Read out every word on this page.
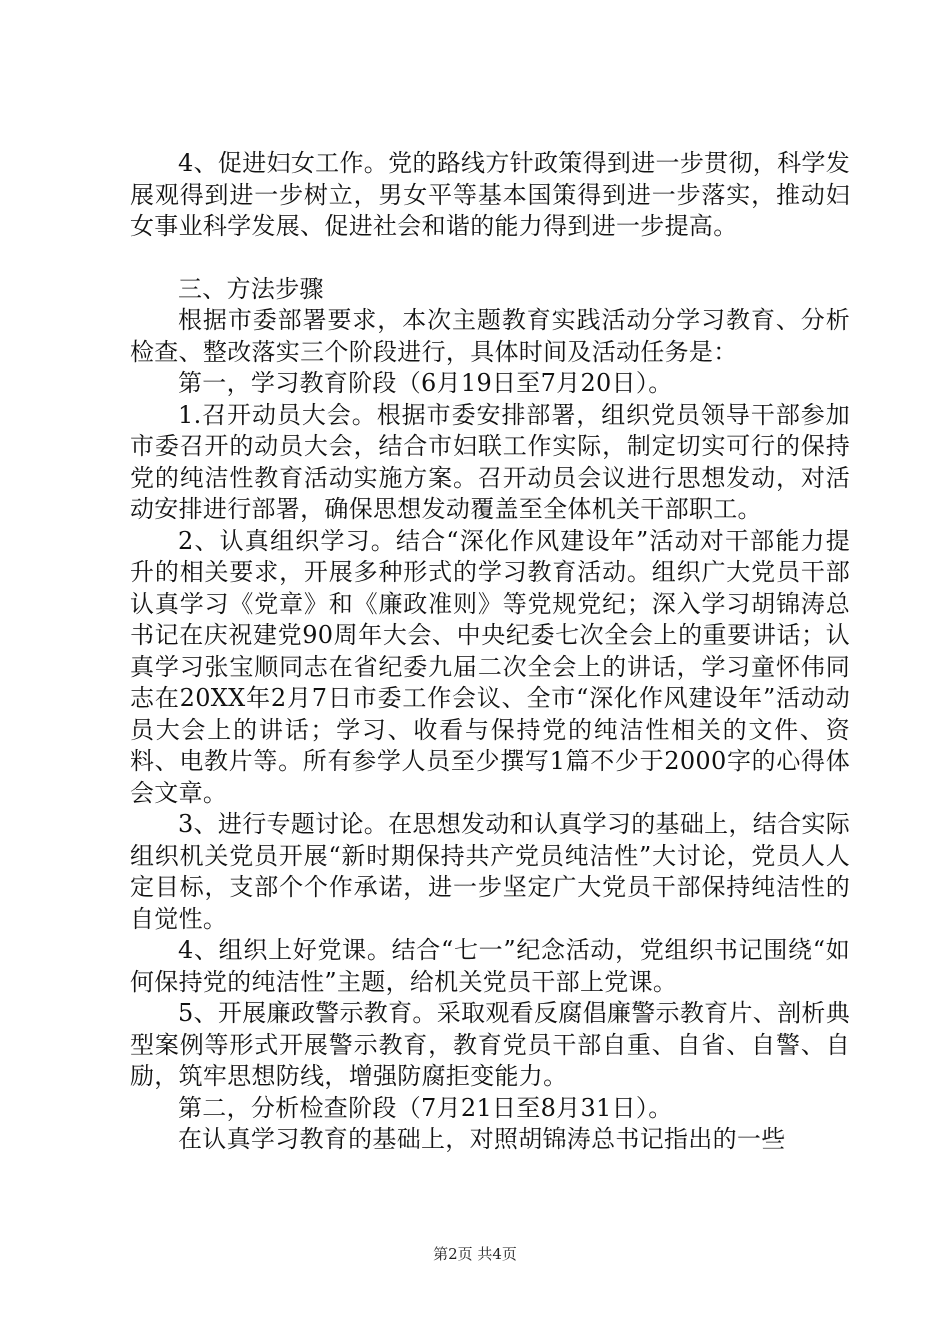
4、促进妇女工作。党的路线方针政策得到进一步贯彻，科学发展观得到进一步树立，男女平等基本国策得到进一步落实，推动妇女事业科学发展、促进社会和谐的能力得到进一步提高。

三、方法步骤

根据市委部署要求，本次主题教育实践活动分学习教育、分析检查、整改落实三个阶段进行，具体时间及活动任务是：

第一，学习教育阶段（6月19日至7月20日）。

1.召开动员大会。根据市委安排部署，组织党员领导干部参加市委召开的动员大会，结合市妇联工作实际，制定切实可行的保持党的纯洁性教育活动实施方案。召开动员会议进行思想发动，对活动安排进行部署，确保思想发动覆盖至全体机关干部职工。

2、认真组织学习。结合“深化作风建设年”活动对干部能力提升的相关要求，开展多种形式的学习教育活动。组织广大党员干部认真学习《党章》和《廉政准则》等党规党纪；深入学习胡锦涛总书记在庆祝建党90周年大会、中央纪委七次全会上的重要讲话；认真学习张宝顺同志在省纪委九届二次全会上的讲话，学习童怀伟同志在20XX年2月7日市委工作会议、全市“深化作风建设年”活动动员大会上的讲话；学习、收看与保持党的纯洁性相关的文件、资料、电教片等。所有参学人员至少撰写1篇不少于2000字的心得体会文章。

3、进行专题讨论。在思想发动和认真学习的基础上，结合实际组织机关党员开展“新时期保持共产党员纯洁性”大讨论，党员人人定目标，支部个个作承诺，进一步坚定广大党员干部保持纯洁性的自觉性。

4、组织上好党课。结合“七一”纪念活动，党组织书记围绕“如何保持党的纯洁性”主题，给机关党员干部上党课。

5、开展廉政警示教育。采取观看反腐倡廉警示教育片、剖析典型案例等形式开展警示教育，教育党员干部自重、自省、自警、自励，筑牢思想防线，增强防腐拒变能力。

第二，分析检查阶段（7月21日至8月31日）。

在认真学习教育的基础上，对照胡锦涛总书记指出的一些

第2页 共4页
